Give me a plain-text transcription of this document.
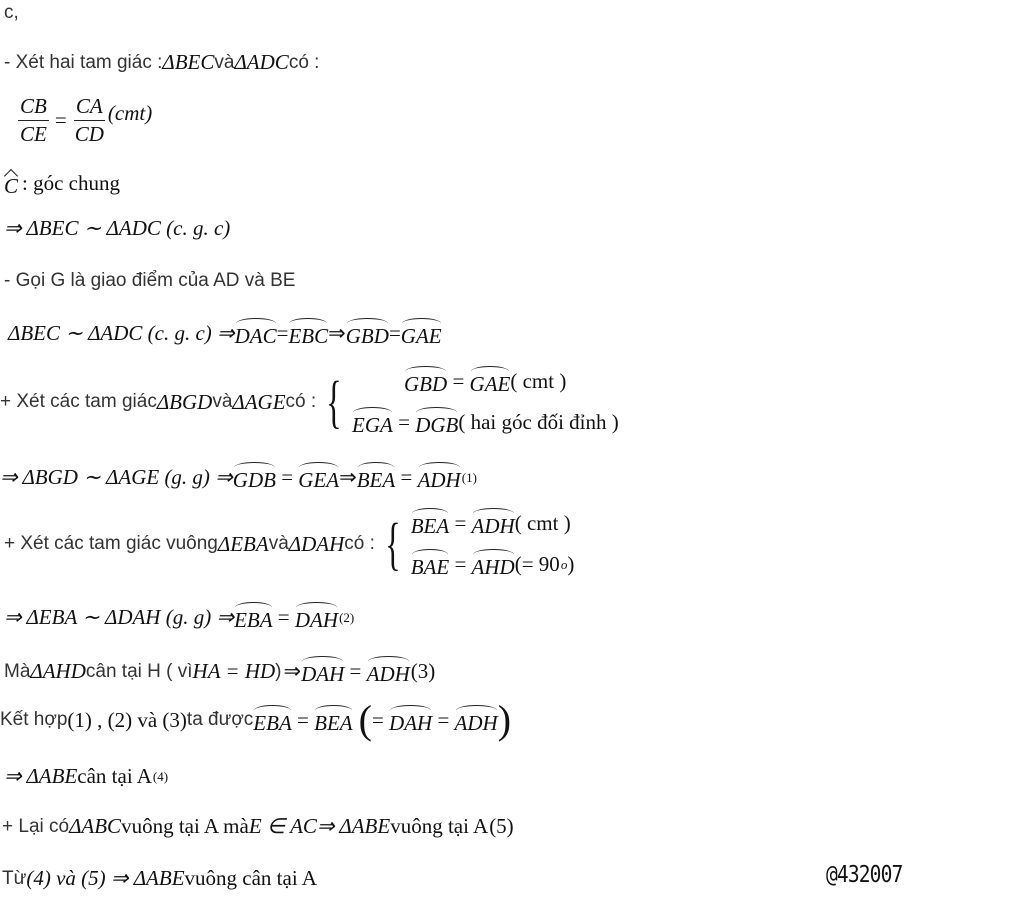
c,
- Xét hai tam giác : ΔBEC và ΔADC có :
$\frac{CB}{CE} = \frac{CA}{CD} (cmt)$
C : góc chung
⇒ ΔBEC ∼ ΔADC (c. g. c)
- Gọi G là giao điểm của AD và BE
ΔBEC ∼ ΔADC (c. g. c) ⇒ DAC = EBC ⇒ GBD = GAE
+ Xét các tam giác ΔBGD và ΔAGE có : {	GBD = GAE ( cmt )
EGA = DGB ( hai góc đối đỉnh )
⇒ ΔBGD ∼ ΔAGE (g. g) ⇒ GDB = GEA ⇒ BEA = ADH (1)
+ Xét các tam giác vuông ΔEBA và ΔDAH có : { BEA = ADH ( cmt )
BAE = AHD (= 90 o )
⇒ ΔEBA ∼ ΔDAH (g. g) ⇒ EBA = DAH (2)
Mà ΔAHD cân tại H ( vì HA = HD ) ⇒ DAH = ADH (3)
Kết hợp (1) , (2) và (3) ta được EBA = BEA ( = DAH = ADH )
⇒ ΔABE cân tại A (4)
+ Lại có ΔABC vuông tại A mà E ∈ AC ⇒ ΔABE vuông tại A (5)
Từ (4) và (5) ⇒ ΔABE vuông cân tại A	@432007
